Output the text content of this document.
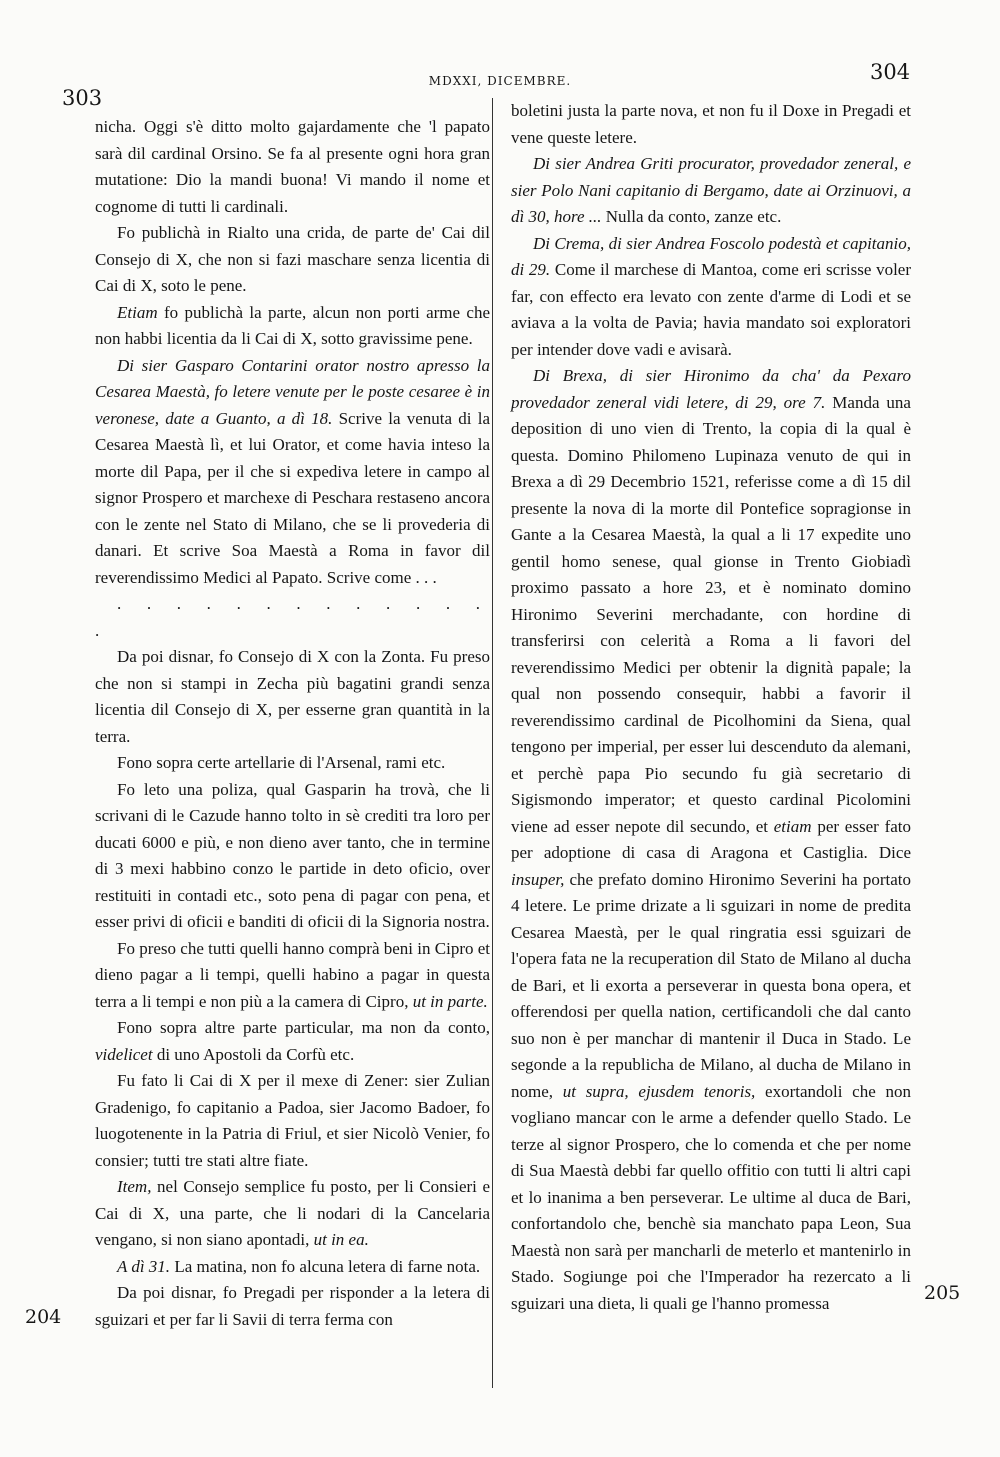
303
MDXXI, DICEMBRE.	304

nicha. Oggi s'è ditto molto gajardamente che 'l papato sarà dil cardinal Orsino. Se fa al presente ogni hora gran mutatione: Dio la mandi buona! Vi mando il nome et cognome di tutti li cardinali.

Fo publichà in Rialto una crida, de parte de' Cai dil Consejo di X, che non si fazi maschare senza licentia di Cai di X, soto le pene.

Etiam fo publichà la parte, alcun non porti arme che non habbi licentia da li Cai di X, sotto gravissime pene.

Di sier Gasparo Contarini orator nostro apresso la Cesarea Maestà, fo letere venute per le poste cesaree è in veronese, date a Guanto, a dì 18. Scrive la venuta di la Cesarea Maestà lì, et lui Orator, et come havia inteso la morte dil Papa, per il che si expediva letere in campo al signor Prospero et marchexe di Peschara restaseno ancora con le zente nel Stato di Milano, che se li provederia di danari. Et scrive Soa Maestà a Roma in favor dil reverendissimo Medici al Papato. Scrive come . . .

. . . . . . . . . . . . . .

Da poi disnar, fo Consejo di X con la Zonta. Fu preso che non si stampi in Zecha più bagatini grandi senza licentia dil Consejo di X, per esserne gran quantità in la terra.

Fono sopra certe artellarie di l'Arsenal, rami etc.

Fo leto una poliza, qual Gasparin ha trovà, che li scrivani di le Cazude hanno tolto in sè crediti tra loro per ducati 6000 e più, e non dieno aver tanto, che in termine di 3 mexi habbino conzo le partide in deto oficio, over restituiti in contadi etc., soto pena di pagar con pena, et esser privi di oficii e banditi di oficii di la Signoria nostra.

Fo preso che tutti quelli hanno comprà beni in Cipro et dieno pagar a li tempi, quelli habino a pagar in questa terra a li tempi e non più a la camera di Cipro, ut in parte.

Fono sopra altre parte particular, ma non da conto, videlicet di uno Apostoli da Corfù etc.

Fu fato li Cai di X per il mexe di Zener: sier Zulian Gradenigo, fo capitanio a Padoa, sier Jacomo Badoer, fo luogotenente in la Patria di Friul, et sier Nicolò Venier, fo consier; tutti tre stati altre fiate.

Item, nel Consejo semplice fu posto, per li Consieri e Cai di X, una parte, che li nodari di la Cancelaria vengano, si non siano apontadi, ut in ea.

A dì 31. La matina, non fo alcuna letera di farne nota.

Da poi disnar, fo Pregadi per risponder a la letera di sguizari et per far li Savii di terra ferma con

boletini justa la parte nova, et non fu il Doxe in Pregadi et vene queste letere.

Di sier Andrea Griti procurator, provedador zeneral, e sier Polo Nani capitanio di Bergamo, date ai Orzinuovi, a dì 30, hore ... Nulla da conto, zanze etc.

Di Crema, di sier Andrea Foscolo podestà et capitanio, di 29. Come il marchese di Mantoa, come eri scrisse voler far, con effecto era levato con zente d'arme di Lodi et se aviava a la volta de Pavia; havia mandato soi exploratori per intender dove vadi e avisarà.

Di Brexa, di sier Hironimo da cha' da Pexaro provedador zeneral vidi letere, di 29, ore 7. Manda una deposition di uno vien di Trento, la copia di la qual è questa. Domino Philomeno Lupinaza venuto de qui in Brexa a dì 29 Decembrio 1521, referisse come a dì 15 dil presente la nova di la morte dil Pontefice sopragionse in Gante a la Cesarea Maestà, la qual a li 17 expedite uno gentil homo senese, qual gionse in Trento Giobiadì proximo passato a hore 23, et è nominato domino Hironimo Severini merchadante, con hordine di transferirsi con celerità a Roma a li favori del reverendissimo Medici per obtenir la dignità papale; la qual non possendo consequir, habbi a favorir il reverendissimo cardinal de Picolhomini da Siena, qual tengono per imperial, per esser lui descenduto da alemani, et perchè papa Pio secundo fu già secretario di Sigismondo imperator; et questo cardinal Picolomini viene ad esser nepote dil secundo, et etiam per esser fato per adoptione di casa di Aragona et Castiglia. Dice insuper, che prefato domino Hironimo Severini ha portato 4 letere. Le prime drizate a li sguizari in nome de predita Cesarea Maestà, per le qual ringratia essi sguizari de l'opera fata ne la recuperation dil Stato de Milano al ducha de Bari, et li exorta a perseverar in questa bona opera, et offerendosi per quella nation, certificandoli che dal canto suo non è per manchar di mantenir il Duca in Stado. Le segonde a la republicha de Milano, al ducha de Milano in nome, ut supra, ejusdem tenoris, exortandoli che non vogliano mancar con le arme a defender quello Stado. Le terze al signor Prospero, che lo comenda et che per nome di Sua Maestà debbi far quello offitio con tutti li altri capi et lo inanima a ben perseverar. Le ultime al duca de Bari, confortandolo che, benchè sia manchato papa Leon, Sua Maestà non sarà per mancharli de meterlo et mantenirlo in Stado. Sogiunge poi che l'Imperador ha rezercato a li sguizari una dieta, li quali ge l'hanno promessa

204
205
